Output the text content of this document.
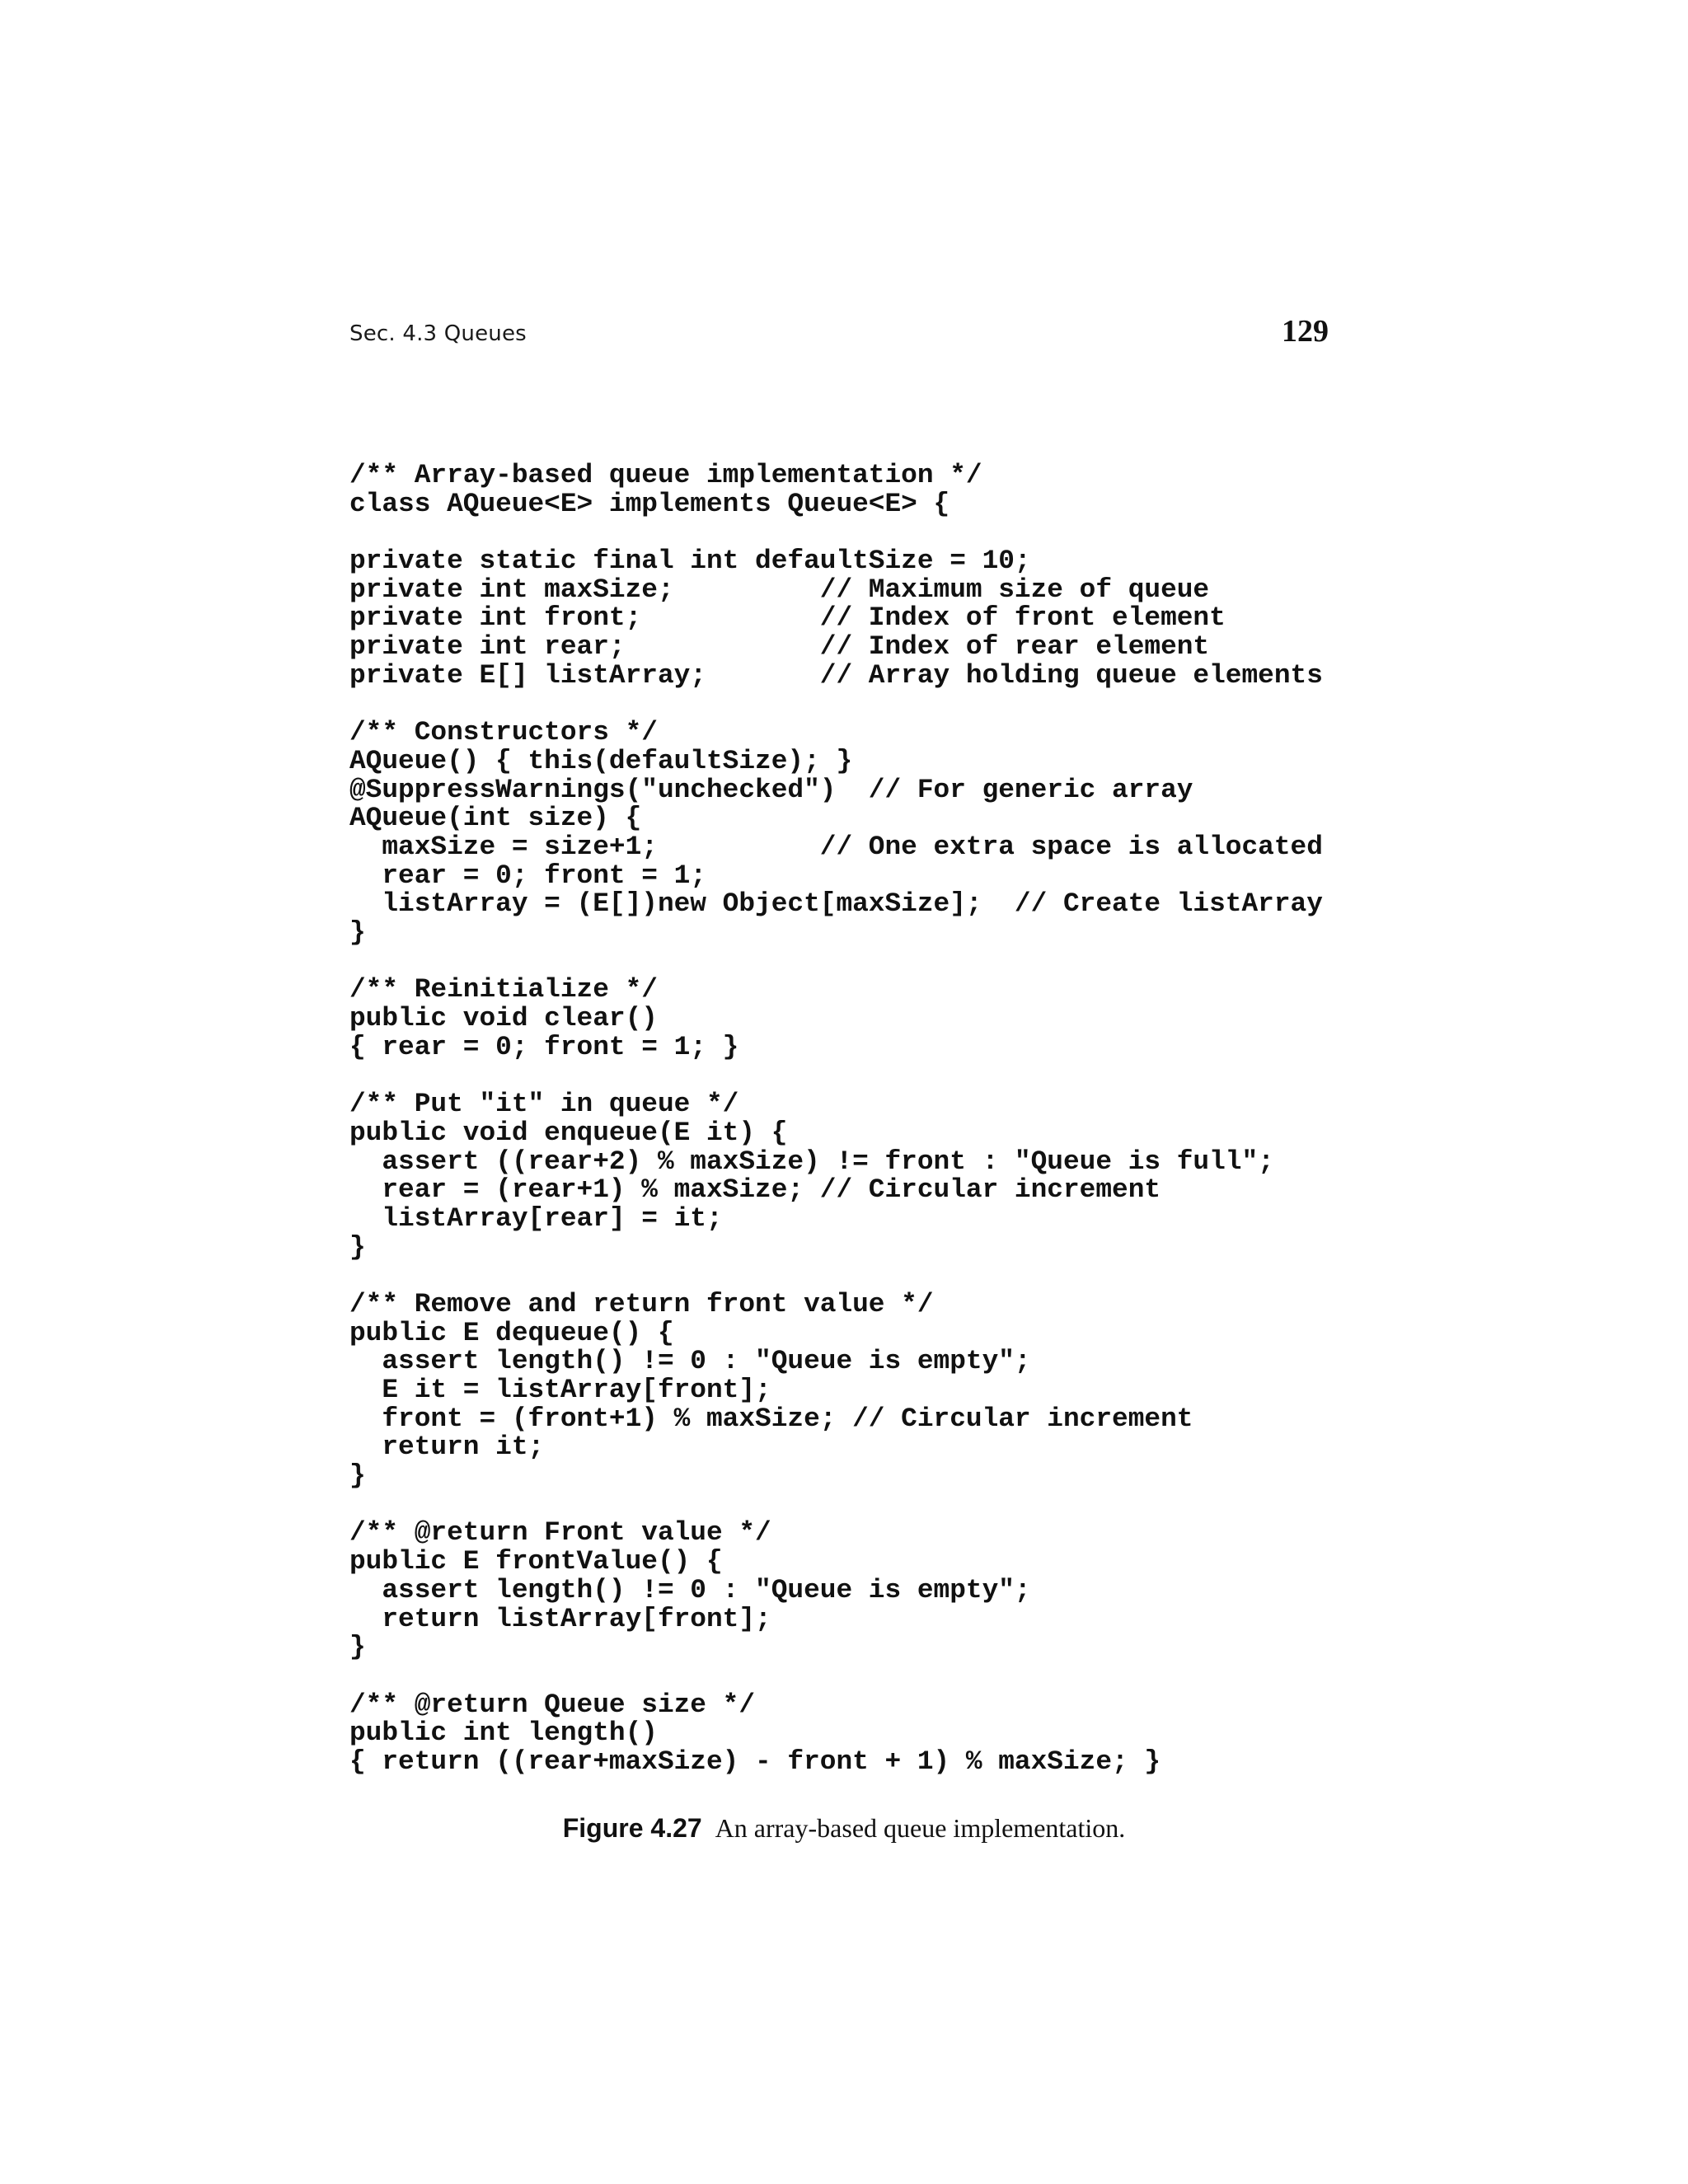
Sec. 4.3 Queues	129
/** Array-based queue implementation */
class AQueue<E> implements Queue<E> {
private static final int defaultSize = 10;
private int maxSize;         // Maximum size of queue
private int front;           // Index of front element
private int rear;            // Index of rear element
private E[] listArray;       // Array holding queue elements
/** Constructors */
AQueue() { this(defaultSize); }
@SuppressWarnings("unchecked")  // For generic array
AQueue(int size) {
maxSize = size+1;          // One extra space is allocated
rear = 0; front = 1;
listArray = (E[])new Object[maxSize];  // Create listArray
}
/** Reinitialize */
public void clear()
{ rear = 0; front = 1; }
/** Put "it" in queue */
public void enqueue(E it) {
assert ((rear+2) % maxSize) != front : "Queue is full";
rear = (rear+1) % maxSize; // Circular increment
listArray[rear] = it;
}
/** Remove and return front value */
public E dequeue() {
assert length() != 0 : "Queue is empty";
E it = listArray[front];
front = (front+1) % maxSize; // Circular increment
return it;
}
/** @return Front value */
public E frontValue() {
assert length() != 0 : "Queue is empty";
return listArray[front];
}
/** @return Queue size */
public int length()
{ return ((rear+maxSize) - front + 1) % maxSize; }
Figure 4.27 An array-based queue implementation.
